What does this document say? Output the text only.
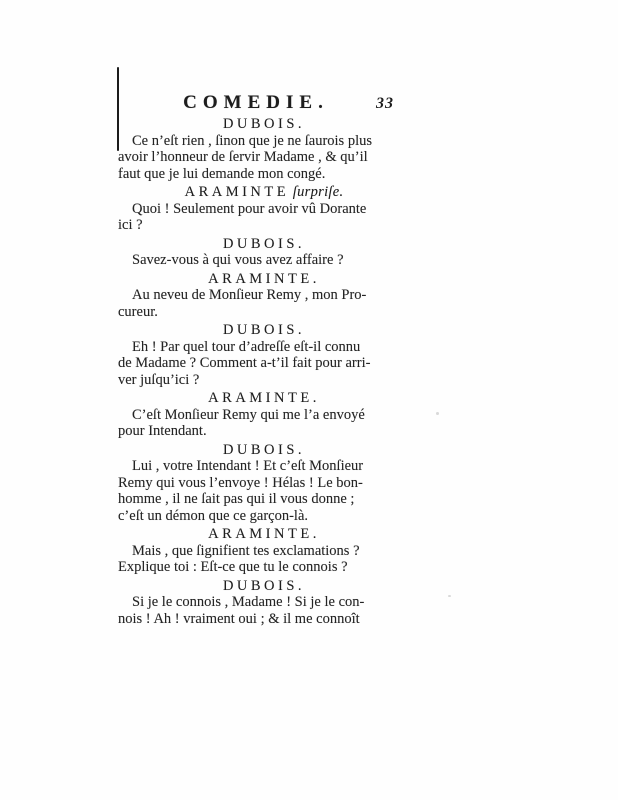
COMEDIE.	33
DUBOIS.
Ce n’eſt rien , ſinon que je ne ſaurois plus
avoir l’honneur de ſervir Madame , & qu’il
faut que je lui demande mon congé.
ARAMINTE ſurpriſe.
Quoi ! Seulement pour avoir vû Dorante
ici ?
DUBOIS.
Savez-vous à qui vous avez affaire ?
ARAMINTE.
Au neveu de Monſieur Remy , mon Pro-
cureur.
DUBOIS.
Eh ! Par quel tour d’adreſſe eſt-il connu
de Madame ? Comment a-t’il fait pour arri-
ver juſqu’ici ?
ARAMINTE.
C’eſt Monſieur Remy qui me l’a envoyé
pour Intendant.
DUBOIS.
Lui , votre Intendant ! Et c’eſt Monſieur
Remy qui vous l’envoye ! Hélas ! Le bon-
homme , il ne ſait pas qui il vous donne ;
c’eſt un démon que ce garçon-là.
ARAMINTE.
Mais , que ſignifient tes exclamations ?
Explique toi : Eſt-ce que tu le connois ?
DUBOIS.
Si je le connois , Madame ! Si je le con-
nois ! Ah ! vraiment oui ; & il me connoît
